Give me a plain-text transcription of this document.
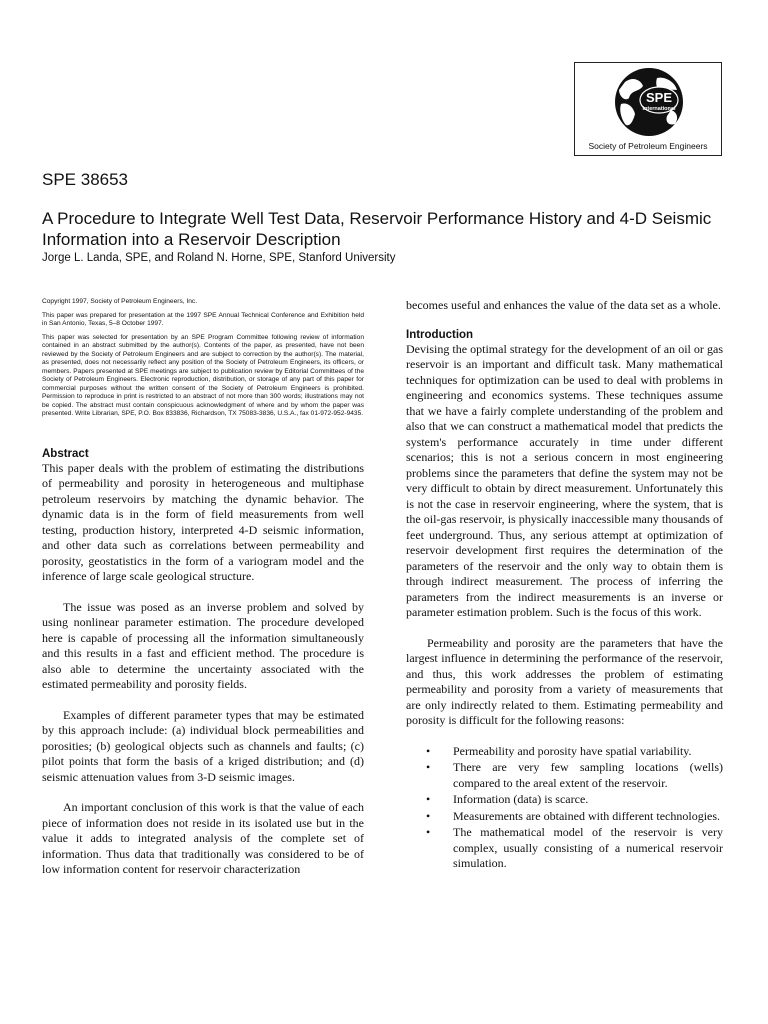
SPE
International
Society of Petroleum Engineers
SPE 38653
A Procedure to Integrate Well Test Data, Reservoir Performance History and 4-D Seismic Information into a Reservoir Description
Jorge L. Landa, SPE, and Roland N. Horne, SPE, Stanford University

Copyright 1997, Society of Petroleum Engineers, Inc.

This paper was prepared for presentation at the 1997 SPE Annual Technical Conference and Exhibition held in San Antonio, Texas, 5–8 October 1997.

This paper was selected for presentation by an SPE Program Committee following review of information contained in an abstract submitted by the author(s). Contents of the paper, as presented, have not been reviewed by the Society of Petroleum Engineers and are subject to correction by the author(s). The material, as presented, does not necessarily reflect any position of the Society of Petroleum Engineers, its officers, or members. Papers presented at SPE meetings are subject to publication review by Editorial Committees of the Society of Petroleum Engineers. Electronic reproduction, distribution, or storage of any part of this paper for commercial purposes without the written consent of the Society of Petroleum Engineers is prohibited. Permission to reproduce in print is restricted to an abstract of not more than 300 words; illustrations may not be copied. The abstract must contain conspicuous acknowledgment of where and by whom the paper was presented. Write Librarian, SPE, P.O. Box 833836, Richardson, TX 75083-3836, U.S.A., fax 01-972-952-9435.

Abstract

This paper deals with the problem of estimating the distributions of permeability and porosity in heterogeneous and multiphase petroleum reservoirs by matching the dynamic behavior. The dynamic data is in the form of field measurements from well testing, production history, interpreted 4-D seismic information, and other data such as correlations between permeability and porosity, geostatistics in the form of a variogram model and the inference of large scale geological structure.

The issue was posed as an inverse problem and solved by using nonlinear parameter estimation. The procedure developed here is capable of processing all the information simultaneously and this results in a fast and efficient method. The procedure is also able to determine the uncertainty associated with the estimated permeability and porosity fields.

Examples of different parameter types that may be estimated by this approach include: (a) individual block permeabilities and porosities; (b) geological objects such as channels and faults; (c) pilot points that form the basis of a kriged distribution; and (d) seismic attenuation values from 3-D seismic images.

An important conclusion of this work is that the value of each piece of information does not reside in its isolated use but in the value it adds to integrated analysis of the complete set of information. Thus data that traditionally was considered to be of low information content for reservoir characterization

becomes useful and enhances the value of the data set as a whole.

Introduction

Devising the optimal strategy for the development of an oil or gas reservoir is an important and difficult task. Many mathematical techniques for optimization can be used to deal with problems in engineering and economics systems. These techniques assume that we have a fairly complete understanding of the problem and also that we can construct a mathematical model that predicts the system's performance accurately in time under different scenarios; this is not a serious concern in most engineering problems since the parameters that define the system may not be very difficult to obtain by direct measurement. Unfortunately this is not the case in reservoir engineering, where the system, that is the oil-gas reservoir, is physically inaccessible many thousands of feet underground. Thus, any serious attempt at optimization of reservoir development first requires the determination of the parameters of the reservoir and the only way to obtain them is through indirect measurement. The process of inferring the parameters from the indirect measurements is an inverse or parameter estimation problem. Such is the focus of this work.

Permeability and porosity are the parameters that have the largest influence in determining the performance of the reservoir, and thus, this work addresses the problem of estimating permeability and porosity from a variety of measurements that are only indirectly related to them. Estimating permeability and porosity is difficult for the following reasons:

• Permeability and porosity have spatial variability.
• There are very few sampling locations (wells) compared to the areal extent of the reservoir.
• Information (data) is scarce.
• Measurements are obtained with different technologies.
• The mathematical model of the reservoir is very complex, usually consisting of a numerical reservoir simulation.
